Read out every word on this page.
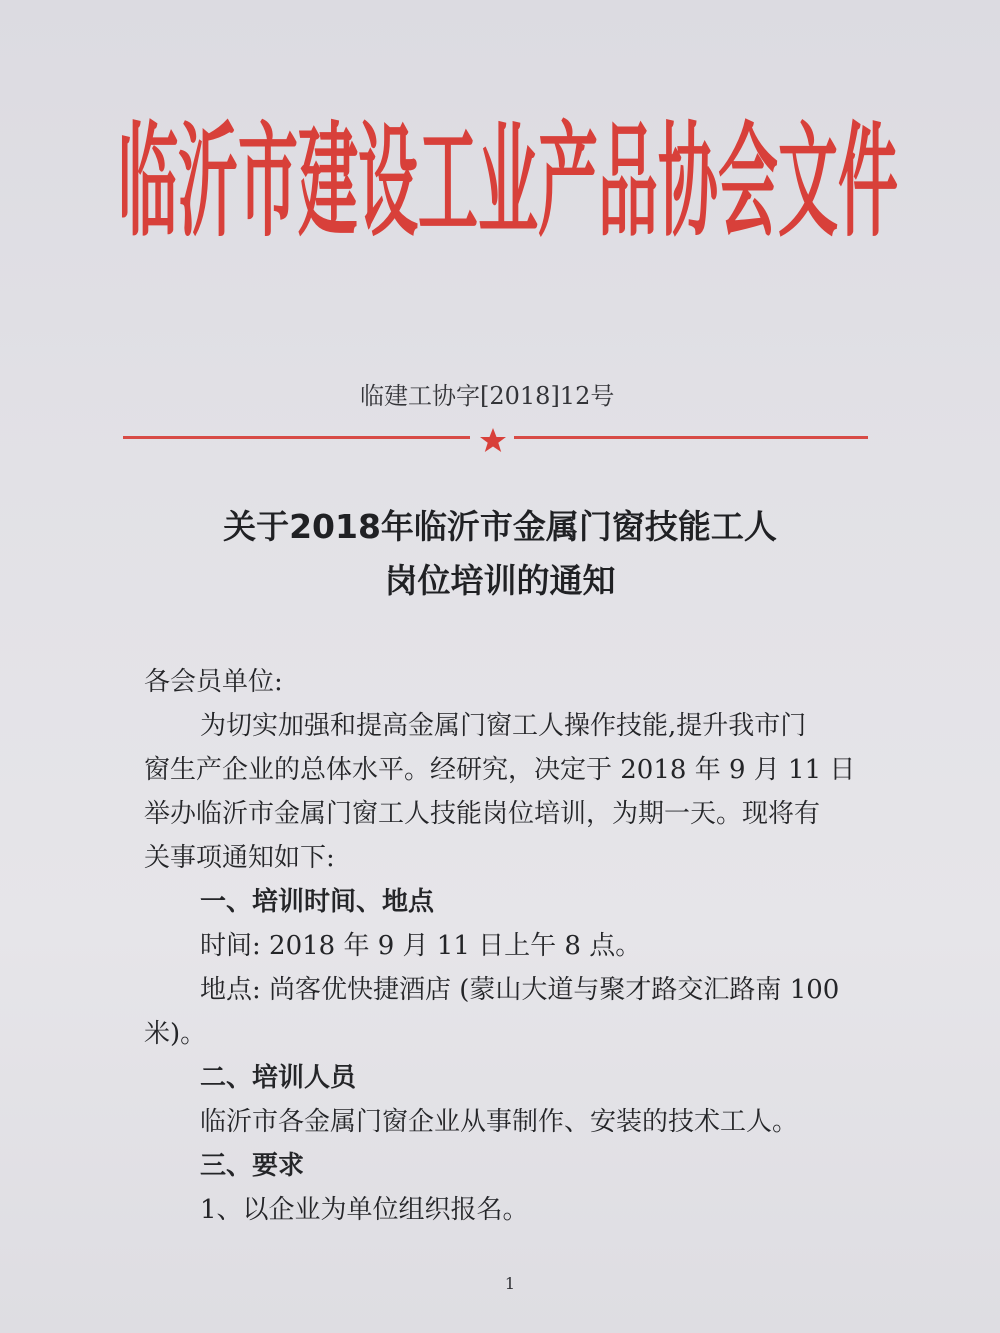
临沂市建设工业产品协会文件

临建工协字[2018]12号

关于2018年临沂市金属门窗技能工人
岗位培训的通知

各会员单位:

为切实加强和提高金属门窗工人操作技能,提升我市门

窗生产企业的总体水平。经研究，决定于 2018 年 9 月 11 日

举办临沂市金属门窗工人技能岗位培训，为期一天。现将有

关事项通知如下:

一、培训时间、地点

时间: 2018 年 9 月 11 日上午 8 点。

地点: 尚客优快捷酒店 (蒙山大道与聚才路交汇路南 100

米)。

二、培训人员

临沂市各金属门窗企业从事制作、安装的技术工人。

三、要求

1、以企业为单位组织报名。

1
